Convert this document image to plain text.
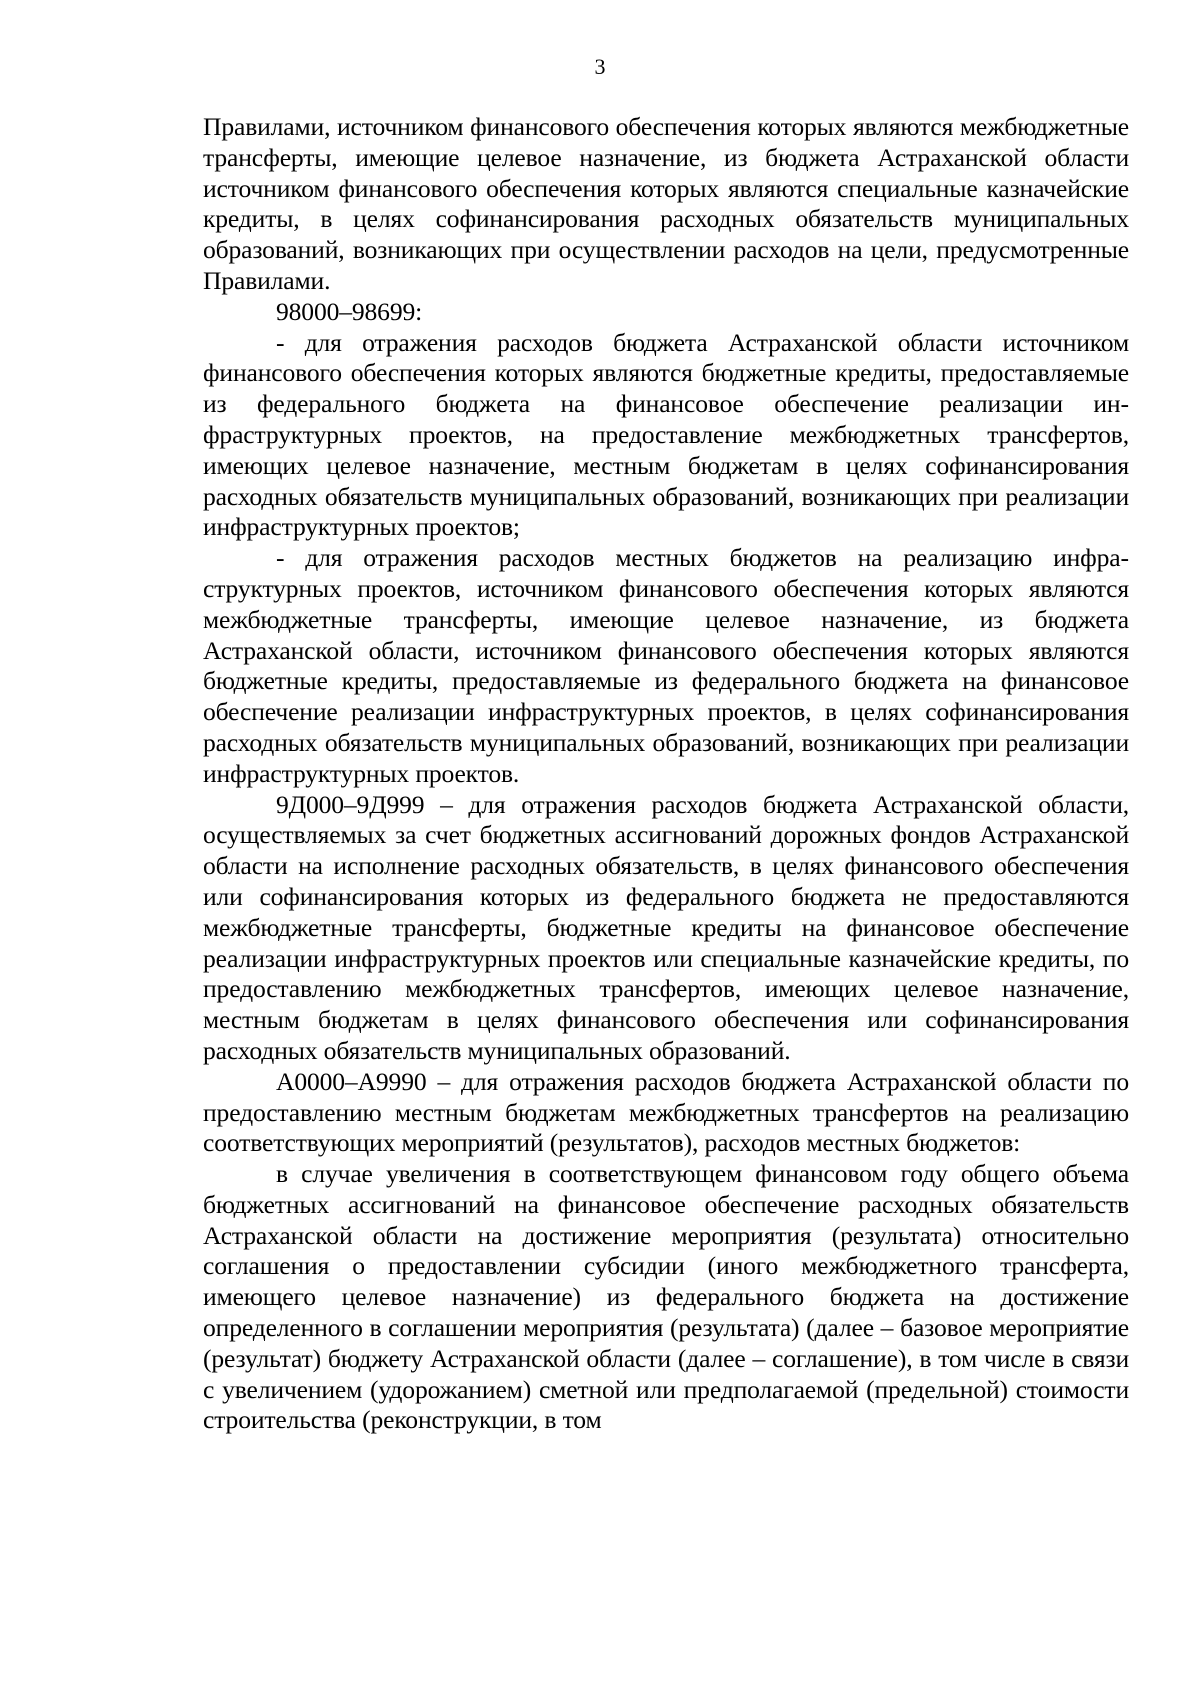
3

Правилами, источником финансового обеспечения которых являются межбюджетные трансферты, имеющие целевое назначение, из бюджета Астраханской области источником финансового обеспечения которых являются специальные казначейские кредиты, в целях софинансирования расходных обязательств муниципальных образований, возникающих при осуществлении расходов на цели, предусмотренные Правилами.

98000–98699:

- для отражения расходов бюджета Астраханской области источником финансового обеспечения которых являются бюджетные кредиты, предоставляемые из федерального бюджета на финансовое обеспечение реализации инфраструктурных проектов, на предоставление межбюджетных трансфертов, имеющих целевое назначение, местным бюджетам в целях софинансирования расходных обязательств муниципальных образований, возникающих при реализации инфраструктурных проектов;

- для отражения расходов местных бюджетов на реализацию инфраструктурных проектов, источником финансового обеспечения которых являются межбюджетные трансферты, имеющие целевое назначение, из бюджета Астраханской области, источником финансового обеспечения которых являются бюджетные кредиты, предоставляемые из федерального бюджета на финансовое обеспечение реализации инфраструктурных проектов, в целях софинансирования расходных обязательств муниципальных образований, возникающих при реализации инфраструктурных проектов.

9Д000–9Д999 – для отражения расходов бюджета Астраханской области, осуществляемых за счет бюджетных ассигнований дорожных фондов Астраханской области на исполнение расходных обязательств, в целях финансового обеспечения или софинансирования которых из федерального бюджета не предоставляются межбюджетные трансферты, бюджетные кредиты на финансовое обеспечение реализации инфраструктурных проектов или специальные казначейские кредиты, по предоставлению межбюджетных трансфертов, имеющих целевое назначение, местным бюджетам в целях финансового обеспечения или софинансирования расходных обязательств муниципальных образований.

А0000–А9990 – для отражения расходов бюджета Астраханской области по предоставлению местным бюджетам межбюджетных трансфертов на реализацию соответствующих мероприятий (результатов), расходов местных бюджетов:

в случае увеличения в соответствующем финансовом году общего объема бюджетных ассигнований на финансовое обеспечение расходных обязательств Астраханской области на достижение мероприятия (результата) относительно соглашения о предоставлении субсидии (иного межбюджетного трансферта, имеющего целевое назначение) из федерального бюджета на достижение определенного в соглашении мероприятия (результата) (далее – базовое мероприятие (результат) бюджету Астраханской области (далее – соглашение), в том числе в связи с увеличением (удорожанием) сметной или предполагаемой (предельной) стоимости строительства (реконструкции, в том
